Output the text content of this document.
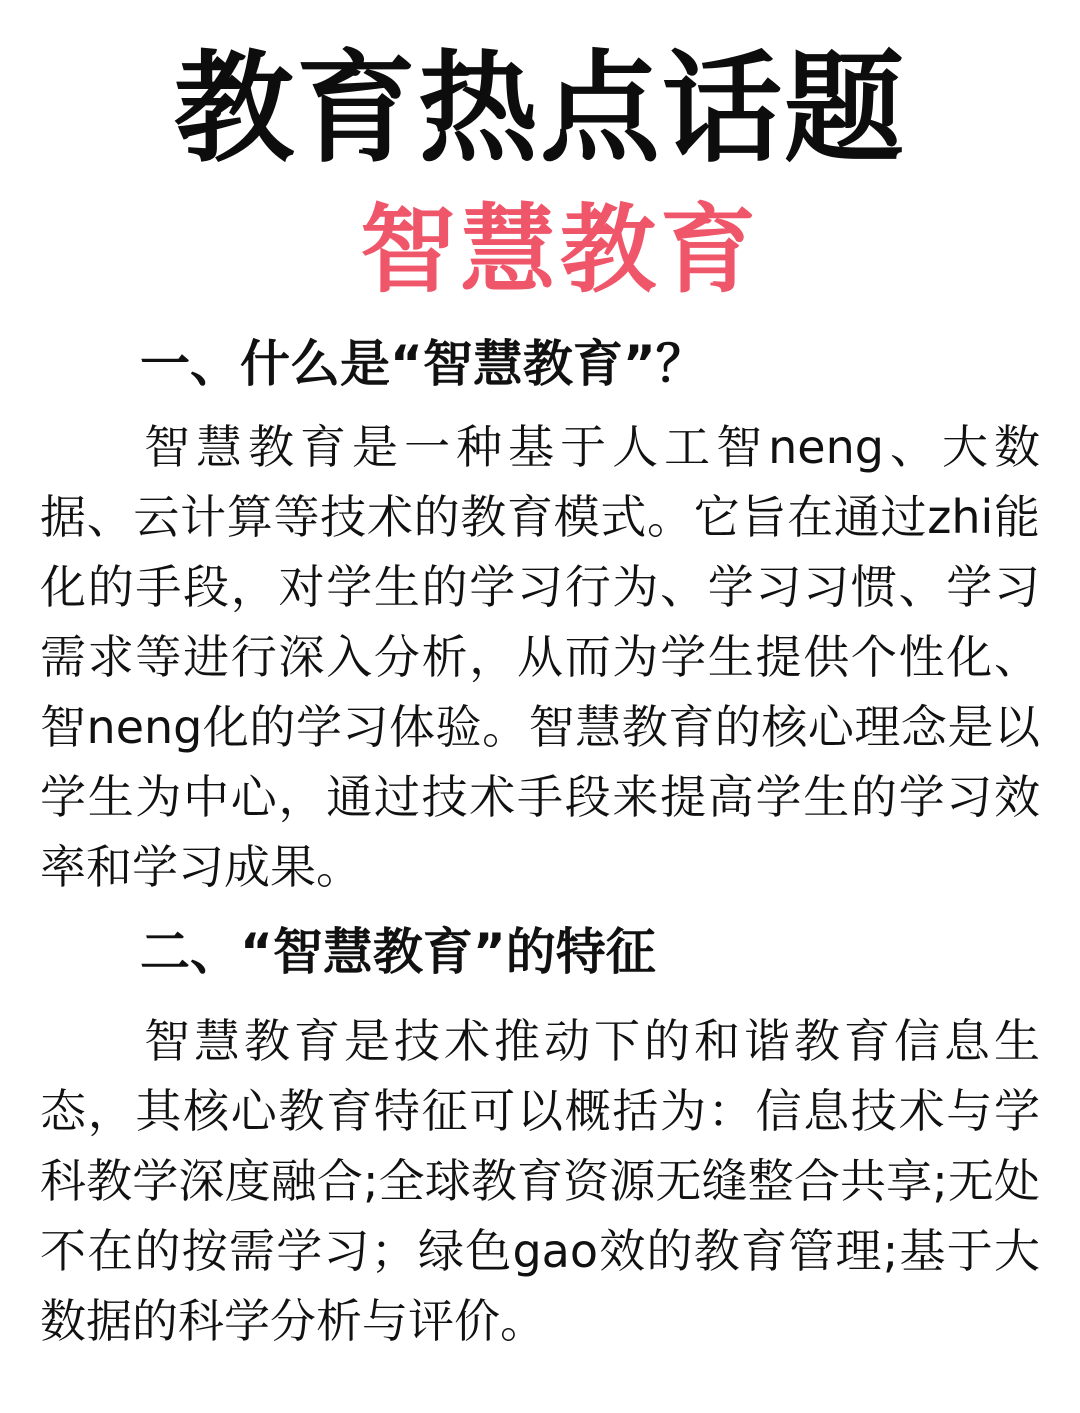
教育热点话题
智慧教育
一、什么是“智慧教育”？

智慧教育是一种基于人工智neng、大数据、云计算等技术的教育模式。它旨在通过zhi能化的手段，对学生的学习行为、学习习惯、学习需求等进行深入分析，从而为学生提供个性化、智neng化的学习体验。智慧教育的核心理念是以学生为中心，通过技术手段来提高学生的学习效率和学习成果。

二、“智慧教育”的特征

智慧教育是技术推动下的和谐教育信息生态，其核心教育特征可以概括为：信息技术与学科教学深度融合;全球教育资源无缝整合共享;无处不在的按需学习；绿色gao效的教育管理;基于大数据的科学分析与评价。
